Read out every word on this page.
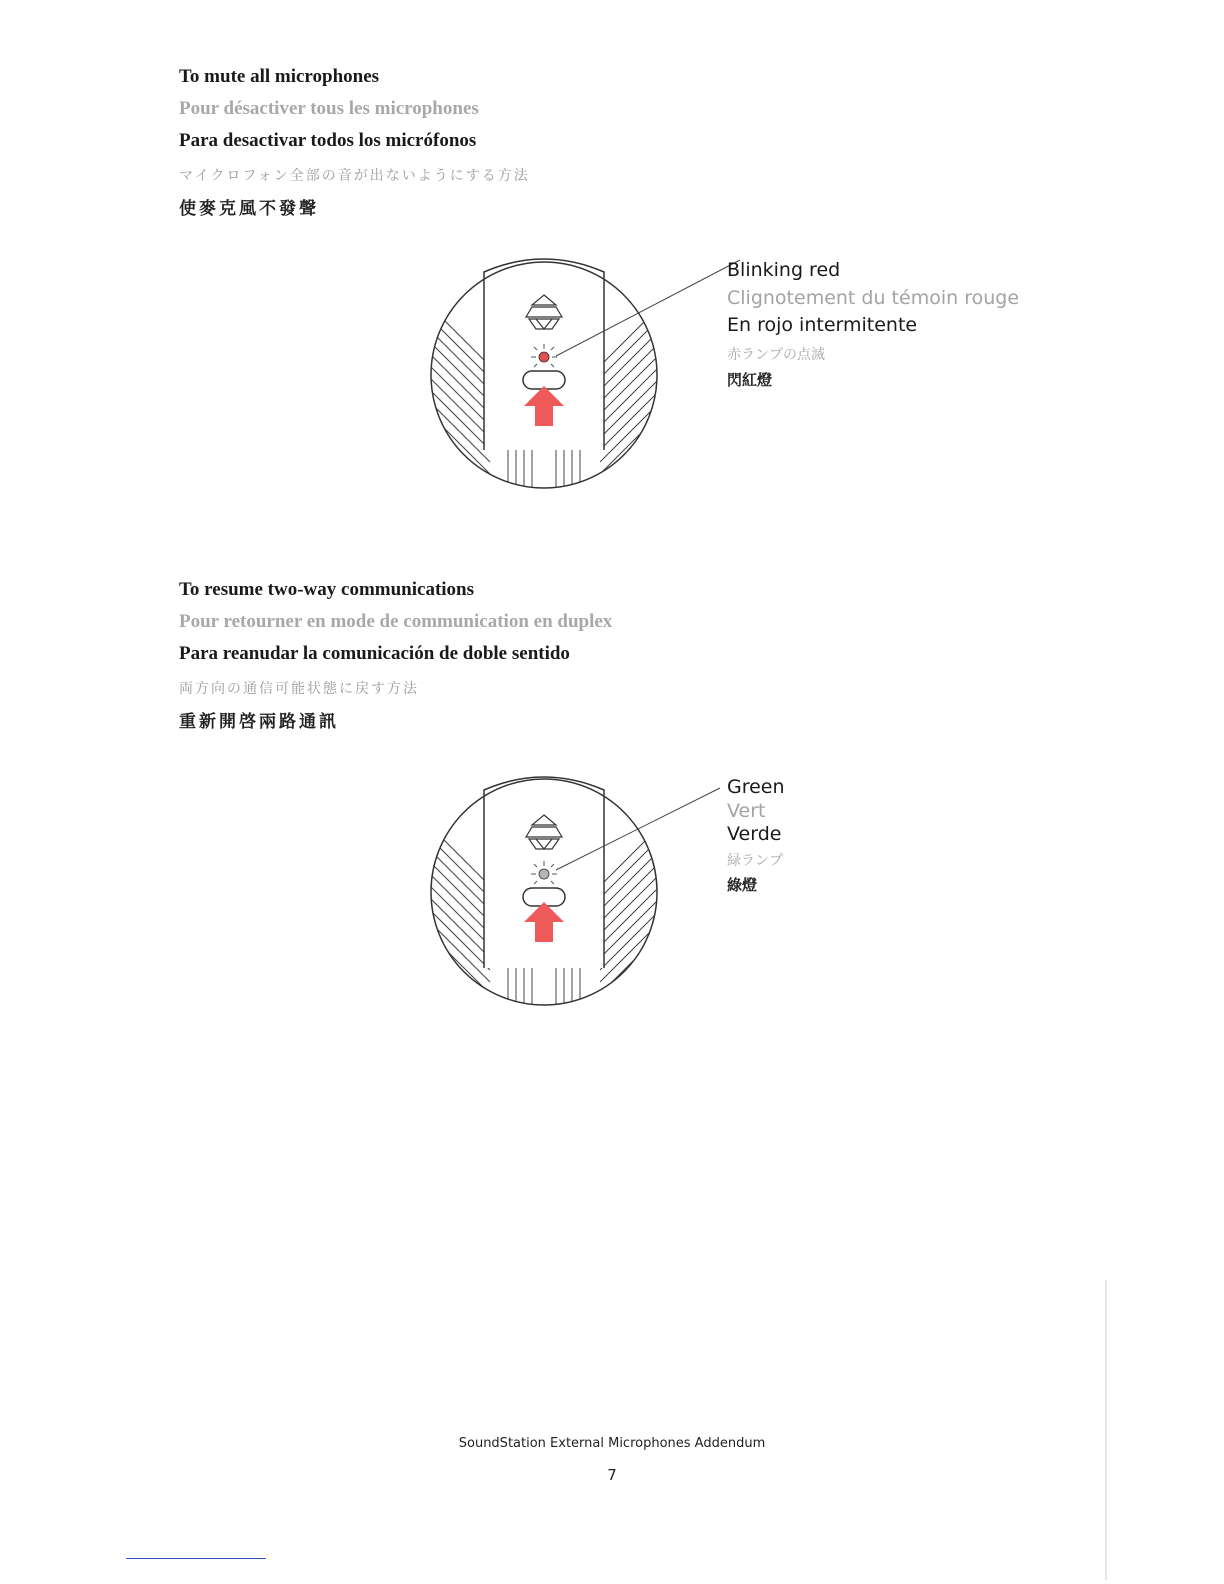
To mute all microphones

Pour désactiver tous les microphones

Para desactivar todos los micrófonos

マイクロフォン全部の音が出ないようにする方法

使麥克風不發聲

Blinking red
Clignotement du témoin rouge
En rojo intermitente
赤ランプの点滅
閃紅燈

To resume two-way communications

Pour retourner en mode de communication en duplex

Para reanudar la comunicación de doble sentido

両方向の通信可能状態に戻す方法

重新開啓兩路通訊

Green
Vert
Verde
緑ランプ
綠燈
SoundStation External Microphones Addendum
7
